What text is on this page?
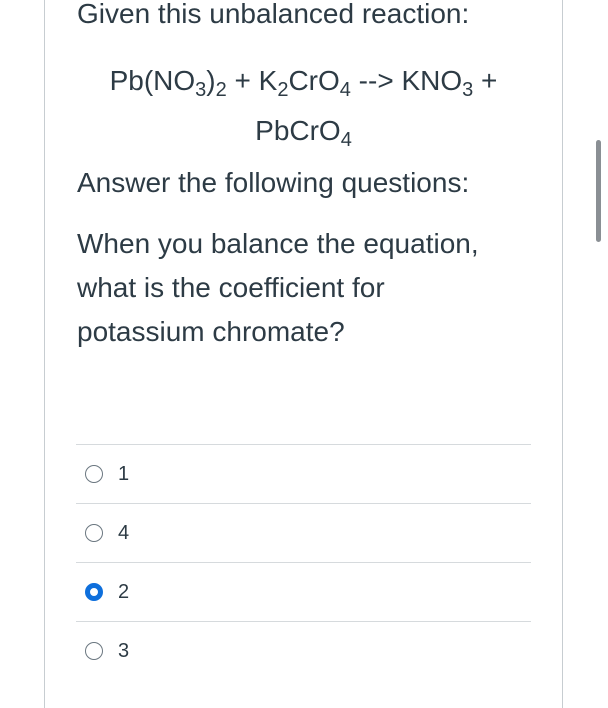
Given this unbalanced reaction:

$Pb(NO_3)_2 + K_2CrO_4$ --> $KNO_3$ +
PbCrO$_4$

Answer the following questions:

When you balance the equation, what is the coefficient for potassium chromate?

1
4
2
3
